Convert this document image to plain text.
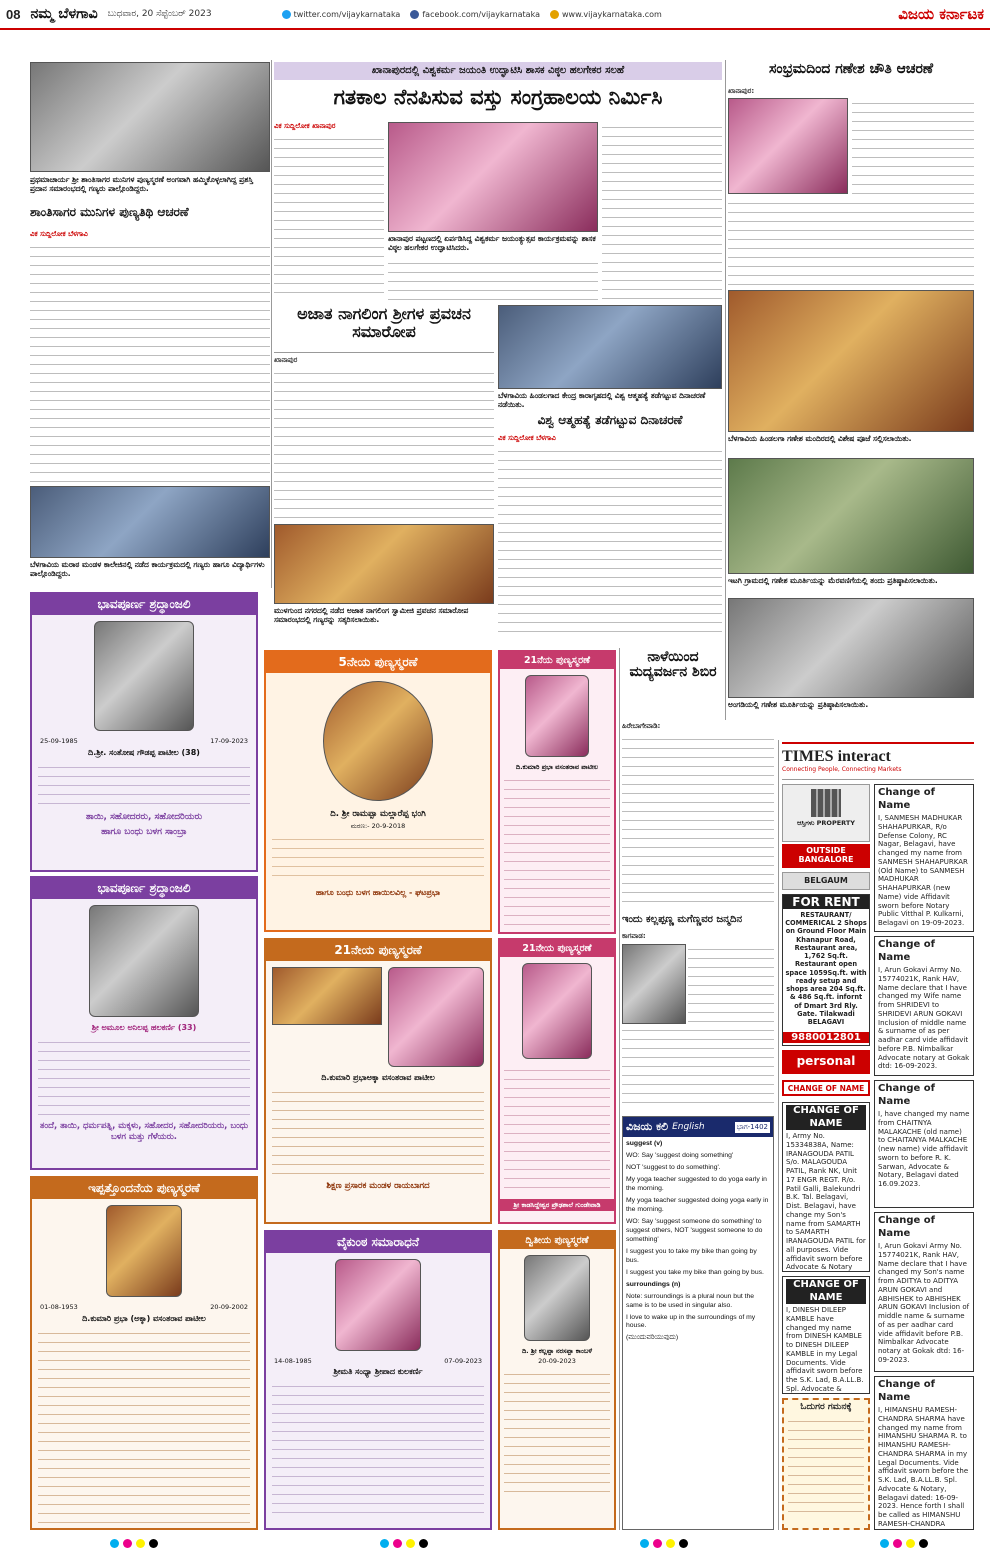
08 ನಮ್ಮ ಬೆಳಗಾವಿ ಬುಧವಾರ, 20 ಸೆಪ್ಟೆಂಬರ್ 2023	twitter.com/vijaykarnataka	facebook.com/vijaykarnataka	www.vijaykarnataka.com	ವಿಜಯ ಕರ್ನಾಟಕ
ಪ್ರಥಮಾಚಾರ್ಯ ಶ್ರೀ ಶಾಂತಿಸಾಗರ ಮುನಿಗಳ ಪುಣ್ಯಸ್ಮರಣೆ ಅಂಗವಾಗಿ ಹಮ್ಮಿಕೊಳ್ಳಲಾಗಿದ್ದ ಪ್ರಶಸ್ತಿ ಪ್ರದಾನ ಸಮಾರಂಭದಲ್ಲಿ ಗಣ್ಯರು ಪಾಲ್ಗೊಂಡಿದ್ದರು.
ಶಾಂತಿಸಾಗರ ಮುನಿಗಳ ಪುಣ್ಯತಿಥಿ ಆಚರಣೆ
ವಿಕ ಸುದ್ದಿಲೋಕ ಬೆಳಗಾವಿ
ಬೆಳಗಾವಿಯ ಮರಾಠ ಮಂಡಳ ಕಾಲೇಜಿನಲ್ಲಿ ನಡೆದ ಕಾರ್ಯಕ್ರಮದಲ್ಲಿ ಗಣ್ಯರು ಹಾಗೂ ವಿದ್ಯಾರ್ಥಿಗಳು ಪಾಲ್ಗೊಂಡಿದ್ದರು.
ಖಾನಾಪುರದಲ್ಲಿ ವಿಶ್ವಕರ್ಮ ಜಯಂತಿ ಉದ್ಘಾಟಿಸಿ ಶಾಸಕ ವಿಠ್ಠಲ ಹಲಗೇಕರ ಸಲಹೆ
ಗತಕಾಲ ನೆನಪಿಸುವ ವಸ್ತು ಸಂಗ್ರಹಾಲಯ ನಿರ್ಮಿಸಿ
ವಿಕ ಸುದ್ದಿಲೋಕ ಖಾನಾಪುರ
ಖಾನಾಪುರ ಪಟ್ಟಣದಲ್ಲಿ ಏರ್ಪಡಿಸಿದ್ದ ವಿಶ್ವಕರ್ಮ ಜಯಂತ್ಯುತ್ಸವ ಕಾರ್ಯಕ್ರಮವನ್ನು ಶಾಸಕ ವಿಠ್ಠಲ ಹಲಗೇಕರ ಉದ್ಘಾಟಿಸಿದರು.
ಅಜಾತ ನಾಗಲಿಂಗ ಶ್ರೀಗಳ ಪ್ರವಚನ ಸಮಾರೋಪ
ಖಾನಾಪುರ
ಮುಳಗುಂದ ನಗರದಲ್ಲಿ ನಡೆದ ಅಜಾತ ನಾಗಲಿಂಗ ಸ್ವಾಮೀಜಿ ಪ್ರವಚನ ಸಮಾರೋಪ ಸಮಾರಂಭದಲ್ಲಿ ಗಣ್ಯರನ್ನು ಸತ್ಕರಿಸಲಾಯಿತು.
ಬೆಳಗಾವಿಯ ಹಿಂಡಲಗಾದ ಕೇಂದ್ರ ಕಾರಾಗೃಹದಲ್ಲಿ ವಿಶ್ವ ಆತ್ಮಹತ್ಯೆ ತಡೆಗಟ್ಟುವ ದಿನಾಚರಣೆ ನಡೆಯಿತು.
ವಿಶ್ವ ಆತ್ಮಹತ್ಯೆ ತಡೆಗಟ್ಟುವ ದಿನಾಚರಣೆ
ವಿಕ ಸುದ್ದಿಲೋಕ ಬೆಳಗಾವಿ
ಸಂಭ್ರಮದಿಂದ ಗಣೇಶ ಚೌತಿ ಆಚರಣೆ
ಖಾನಾಪುರ:
ಬೆಳಗಾವಿಯ ಹಿಂಡಲಗಾ ಗಣೇಶ ಮಂದಿರದಲ್ಲಿ ವಿಶೇಷ ಪೂಜೆ ಸಲ್ಲಿಸಲಾಯಿತು.
ಇಟಗಿ ಗ್ರಾಮದಲ್ಲಿ ಗಣೇಶ ಮೂರ್ತಿಯನ್ನು ಮೆರವಣಿಗೆಯಲ್ಲಿ ತಂದು ಪ್ರತಿಷ್ಠಾಪಿಸಲಾಯಿತು.
ಅಂಗಡಿಯಲ್ಲಿ ಗಣೇಶ ಮೂರ್ತಿಯನ್ನು ಪ್ರತಿಷ್ಠಾಪಿಸಲಾಯಿತು.
ಭಾವಪೂರ್ಣ ಶ್ರದ್ಧಾಂಜಲಿ
25-09-1985	17-09-2023
ದಿ.ಶ್ರೀ. ಸಂತೋಷ ಗೌಡಪ್ಪ ಪಾಟೀಲ (38)
ತಾಯಿ, ಸಹೋದರರು, ಸಹೋದರಿಯರು
ಹಾಗೂ ಬಂಧು ಬಳಗ ಸಾಂಬ್ರಾ
ಭಾವಪೂರ್ಣ ಶ್ರದ್ಧಾಂಜಲಿ
ಶ್ರೀ ಅಮೂಲ ಅನಿಲಪ್ಪ ಹಲಕರ್ಣಿ (33)
ತಂದೆ, ತಾಯಿ, ಧರ್ಮಪತ್ನಿ, ಮಕ್ಕಳು, ಸಹೋದರ, ಸಹೋದರಿಯರು, ಬಂಧು ಬಳಗ ಮತ್ತು ಗೆಳೆಯರು.
ಇಪ್ಪತ್ತೊಂದನೆಯ ಪುಣ್ಯಸ್ಮರಣೆ
01-08-1953	20-09-2002
ದಿ.ಕುಮಾರಿ ಪ್ರಭಾ (ಅಕ್ಕಾ) ವಸಂತರಾವ ಪಾಟೀಲ
5ನೇಯ ಪುಣ್ಯಸ್ಮರಣೆ
ದಿ. ಶ್ರೀ ರಾಮಪ್ಪಾ ಮಲ್ಲಾರೆಪ್ಪ ಭಂಗಿ
ಮರಣ:- 20-9-2018
ಹಾಗೂ ಬಂಧು ಬಳಗ ಹಾಯಿಲವಿಲ್ಲ - ಘಟಪ್ರಭಾ
21ನೆಯ ಪುಣ್ಯಸ್ಮರಣೆ
ದಿ.ಕುಮಾರಿ ಪ್ರಭಾ ವಸಂತರಾವ ಪಾಟೀಲ
21ನೇಯ ಪುಣ್ಯಸ್ಮರಣೆ
ದಿ.ಕುಮಾರಿ ಪ್ರಭಾಅಕ್ಕಾ ವಸಂತರಾವ ಪಾಟೀಲ
ಶಿಕ್ಷಣ ಪ್ರಸಾರಕ ಮಂಡಳ ರಾಯಬಾಗದ
21ನೇಯ ಪುಣ್ಯಸ್ಮರಣೆ
ಶ್ರೀ ಕಾಡಸಿದ್ದೇಶ್ವರ ಪ್ರೌಢಶಾಲೆ ಗುಂಡೇವಾಡಿ
ವೈಕುಂಠ ಸಮಾರಾಧನೆ
14-08-1985	07-09-2023
ಶ್ರೀಮತಿ ಸಂಧ್ಯಾ ಶ್ರೀಪಾದ ಕುಲಕರ್ಣಿ
ದ್ವಿತೀಯ ಪುಣ್ಯಸ್ಮರಣೆ
ದಿ. ಶ್ರೀ ಕಲ್ಲಪ್ಪಾ ನರಸಪ್ಪಾ ಕಾಂಬಳೆ
20-09-2023
ನಾಳೆಯಿಂದ ಮದ್ಯವರ್ಜನ ಶಿಬಿರ
ಹಿರೇಬಾಗೇವಾಡಿ:
ಇಂದು ಕಲ್ಲಪ್ಪಣ್ಣ ಮಗೆಣ್ಣವರ ಜನ್ಮದಿನ
ಕಾಗವಾಡ:
ವಿಜಯ ಕಲಿ English	ಭಾಗ-1402
suggest (v)
WO: Say 'suggest doing something'
NOT 'suggest to do something'.
My yoga teacher suggested to do yoga early in the morning.
My yoga teacher suggested doing yoga early in the morning.
WO: Say 'suggest someone do something' to suggest others, NOT 'suggest someone to do something'
I suggest you to take my bike than going by bus.
I suggest you take my bike than going by bus.
surroundings (n)
Note: surroundings is a plural noun but the same is to be used in singular also.
I love to wake up in the surroundings of my house.
(ಮುಂದುವರಿಯುವುದು)
TIMES interact
Connecting People, Connecting Markets
ಆಸ್ತಿಗಳು PROPERTY
OUTSIDE BANGALORE
BELGAUM
FOR RENT
RESTAURANT/ COMMERICAL 2 Shops on Ground Floor Main Khanapur Road, Restaurant area, 1,762 Sq.ft. Restaurant open space 1059Sq.ft. with ready setup and shops area 204 Sq.ft. & 486 Sq.ft. infornt of Dmart 3rd Rly. Gate. Tilakwadi BELAGAVI
9880012801
personal
CHANGE OF NAME
Change of Name
I, SANMESH MADHUKAR SHAHAPURKAR, R/o Defense Colony, RC Nagar, Belagavi, have changed my name from SANMESH SHAHAPURKAR (Old Name) to SANMESH MADHUKAR SHAHAPURKAR (new Name) vide Affidavit sworn before Notary Public Vitthal P. Kulkarni, Belagavi on 19-09-2023.
Change of Name
I, Arun Gokavi Army No. 15774021K, Rank HAV, Name declare that I have changed my Wife name from SHRIDEVI to SHRIDEVI ARUN GOKAVI Inclusion of middle name & surname of as per aadhar card vide affidavit before P.B. Nimbalkar Advocate notary at Gokak dtd: 16-09-2023.
Change of Name
I, have changed my name from CHAITNYA MALAKACHE (old name) to CHAITANYA MALKACHE (new name) vide affidavit sworn to before R. K. Sarwan, Advocate & Notary, Belagavi dated 16.09.2023.
CHANGE OF NAME
I, Army No. 15334838A, Name: IRANAGOUDA PATIL S/o. MALAGOUDA PATIL, Rank NK, Unit 17 ENGR REGT. R/o. Patil Galli, Balekundri B.K. Tal. Belagavi, Dist. Belagavi, have change my Son's name from SAMARTH to SAMARTH IRANAGOUDA PATIL for all purposes. Vide affidavit sworn before Advocate & Notary
Change of Name
I, Arun Gokavi Army No. 15774021K, Rank HAV, Name declare that I have changed my Son's name from ADITYA to ADITYA ARUN GOKAVI and ABHISHEK to ABHISHEK ARUN GOKAVI Inclusion of middle name & surname of as per aadhar card vide affidavit before P.B. Nimbalkar Advocate notary at Gokak dtd: 16-09-2023.
CHANGE OF NAME
I, DINESH DILEEP KAMBLE have changed my name from DINESH KAMBLE to DINESH DILEEP KAMBLE in my Legal Documents. Vide affidavit sworn before the S.K. Lad, B.A.LL.B. Spl. Advocate &	Change of Name
I, HIMANSHU RAMESH-CHANDRA SHARMA have changed my name from HIMANSHU SHARMA R. to HIMANSHU RAMESH-CHANDRA SHARMA in my Legal Documents. Vide affidavit sworn before the S.K. Lad, B.A.LL.B. Spl. Advocate & Notary, Belagavi dated: 16-09-2023. Hence forth I shall be called as HIMANSHU RAMESH-CHANDRA
ಓದುಗರ ಗಮನಕ್ಕೆ
